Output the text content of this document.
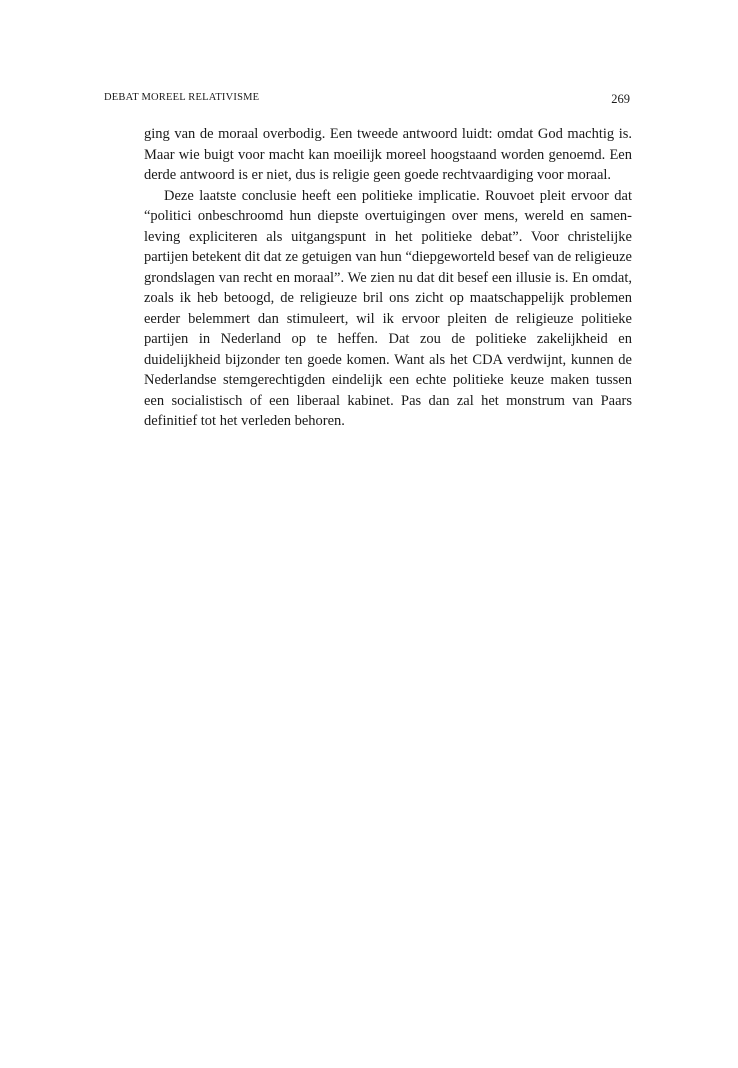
DEBAT MOREEL RELATIVISME	269

ging van de moraal overbodig. Een tweede antwoord luidt: omdat God machtig is. Maar wie buigt voor macht kan moeilijk moreel hoogstaand worden genoemd. Een derde antwoord is er niet, dus is religie geen goede rechtvaardiging voor moraal.

Deze laatste conclusie heeft een politieke implicatie. Rouvoet pleit ervoor dat “politici onbeschroomd hun diepste overtuigingen over mens, wereld en samenleving expliciteren als uitgangspunt in het politieke debat”. Voor christelijke partijen betekent dit dat ze getuigen van hun “diepgeworteld besef van de religieuze grondslagen van recht en moraal”. We zien nu dat dit besef een illusie is. En omdat, zoals ik heb betoogd, de religieuze bril ons zicht op maatschappelijk problemen eerder belemmert dan stimuleert, wil ik ervoor pleiten de religieuze politieke partijen in Nederland op te heffen. Dat zou de politieke zakelijkheid en duidelijkheid bijzonder ten goede komen. Want als het CDA verdwijnt, kunnen de Nederlandse stemgerechtigden eindelijk een echte politieke keuze maken tussen een socialistisch of een liberaal kabinet. Pas dan zal het monstrum van Paars definitief tot het verleden behoren.
